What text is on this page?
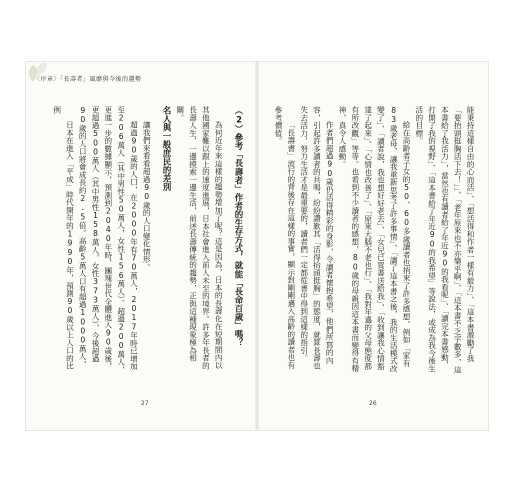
〈序章〉「長壽者」風靡與今後的趨勢

（2）參考「長壽者」作者的生存方式，就能「長命百歲」嗎？

為何近年來這樣的趨勢增加了呢？這是因為，日本的長壽化在短期間內以其他國家難以跟上的速度進展，日本社會進入前人未至的境界。許多年長者的長壽人生，一邊摸索一邊生活，前述長壽傳統的趨勢，正與這種現象極為相關。

名人與一般庶民的差別

讓我們來看看超過90歲的人口變化情形。

超過90歲的人口，在2000年有70萬人，2017年時已增加至206萬人（其中男性50萬人，女性156萬人）。超過200萬人，更進一步的數據顯示，預測到2040年時，團塊世代全體進入90歲後，更超過500萬人（其中男性158萬人，女性373萬人），今後超過90歲的人口將會成長約2.5倍。高齡5萬人口有超過1000萬人，

日本在進入「平成」時代開年的1990年，預測90歲以上人口的比例

27

能秉持這樣自由的心而活」、「想活得和作者一樣有毅力」、「這本書激勵了我「要抬頭挺胸活下去！」」、「老年原來也不亦樂乎啊」、「這本書不乏字數多，這本書給了我活力」，當然也有讀者給了年近90的我看呢」、「讀完本書感動，打開了我的視野」、「這本書給了年近90的我希望」等說法，或成為我今後生活的目標。

給在高齡者子女的50、60多歲讀者也捎來了許多感想，例如「家有83歲老母，讓我重新思考了許多事情」、「讀了這本書之後，我的生活模式改變了」、「讀者說，我也想好好老去」、「女兒已買書送給我」、「收到讓我心情豁達了起來」、「心情也改善了」、「原來大腦不老也行」、「我對年邁的父母態度都有所改觀」等等。也看到不少讀者的感想，80歲的母親因這本書而變得有精神，真令人感動。

作者們超過90歲仍活得精彩的身影，令讀者懷抱希望，他們所寫的內容，引起許多讀者的共鳴，紛紛讚歎其「活得抬頭挺胸」的態度，就算長壽也失去活力，努力生活才是最重要的，讀者們一定都從書中得到這樣的指引。

「長壽書」流行的背後存在這樣的事實，顯示對剛剛邁入高齡的讀者也有參考價值。

26
